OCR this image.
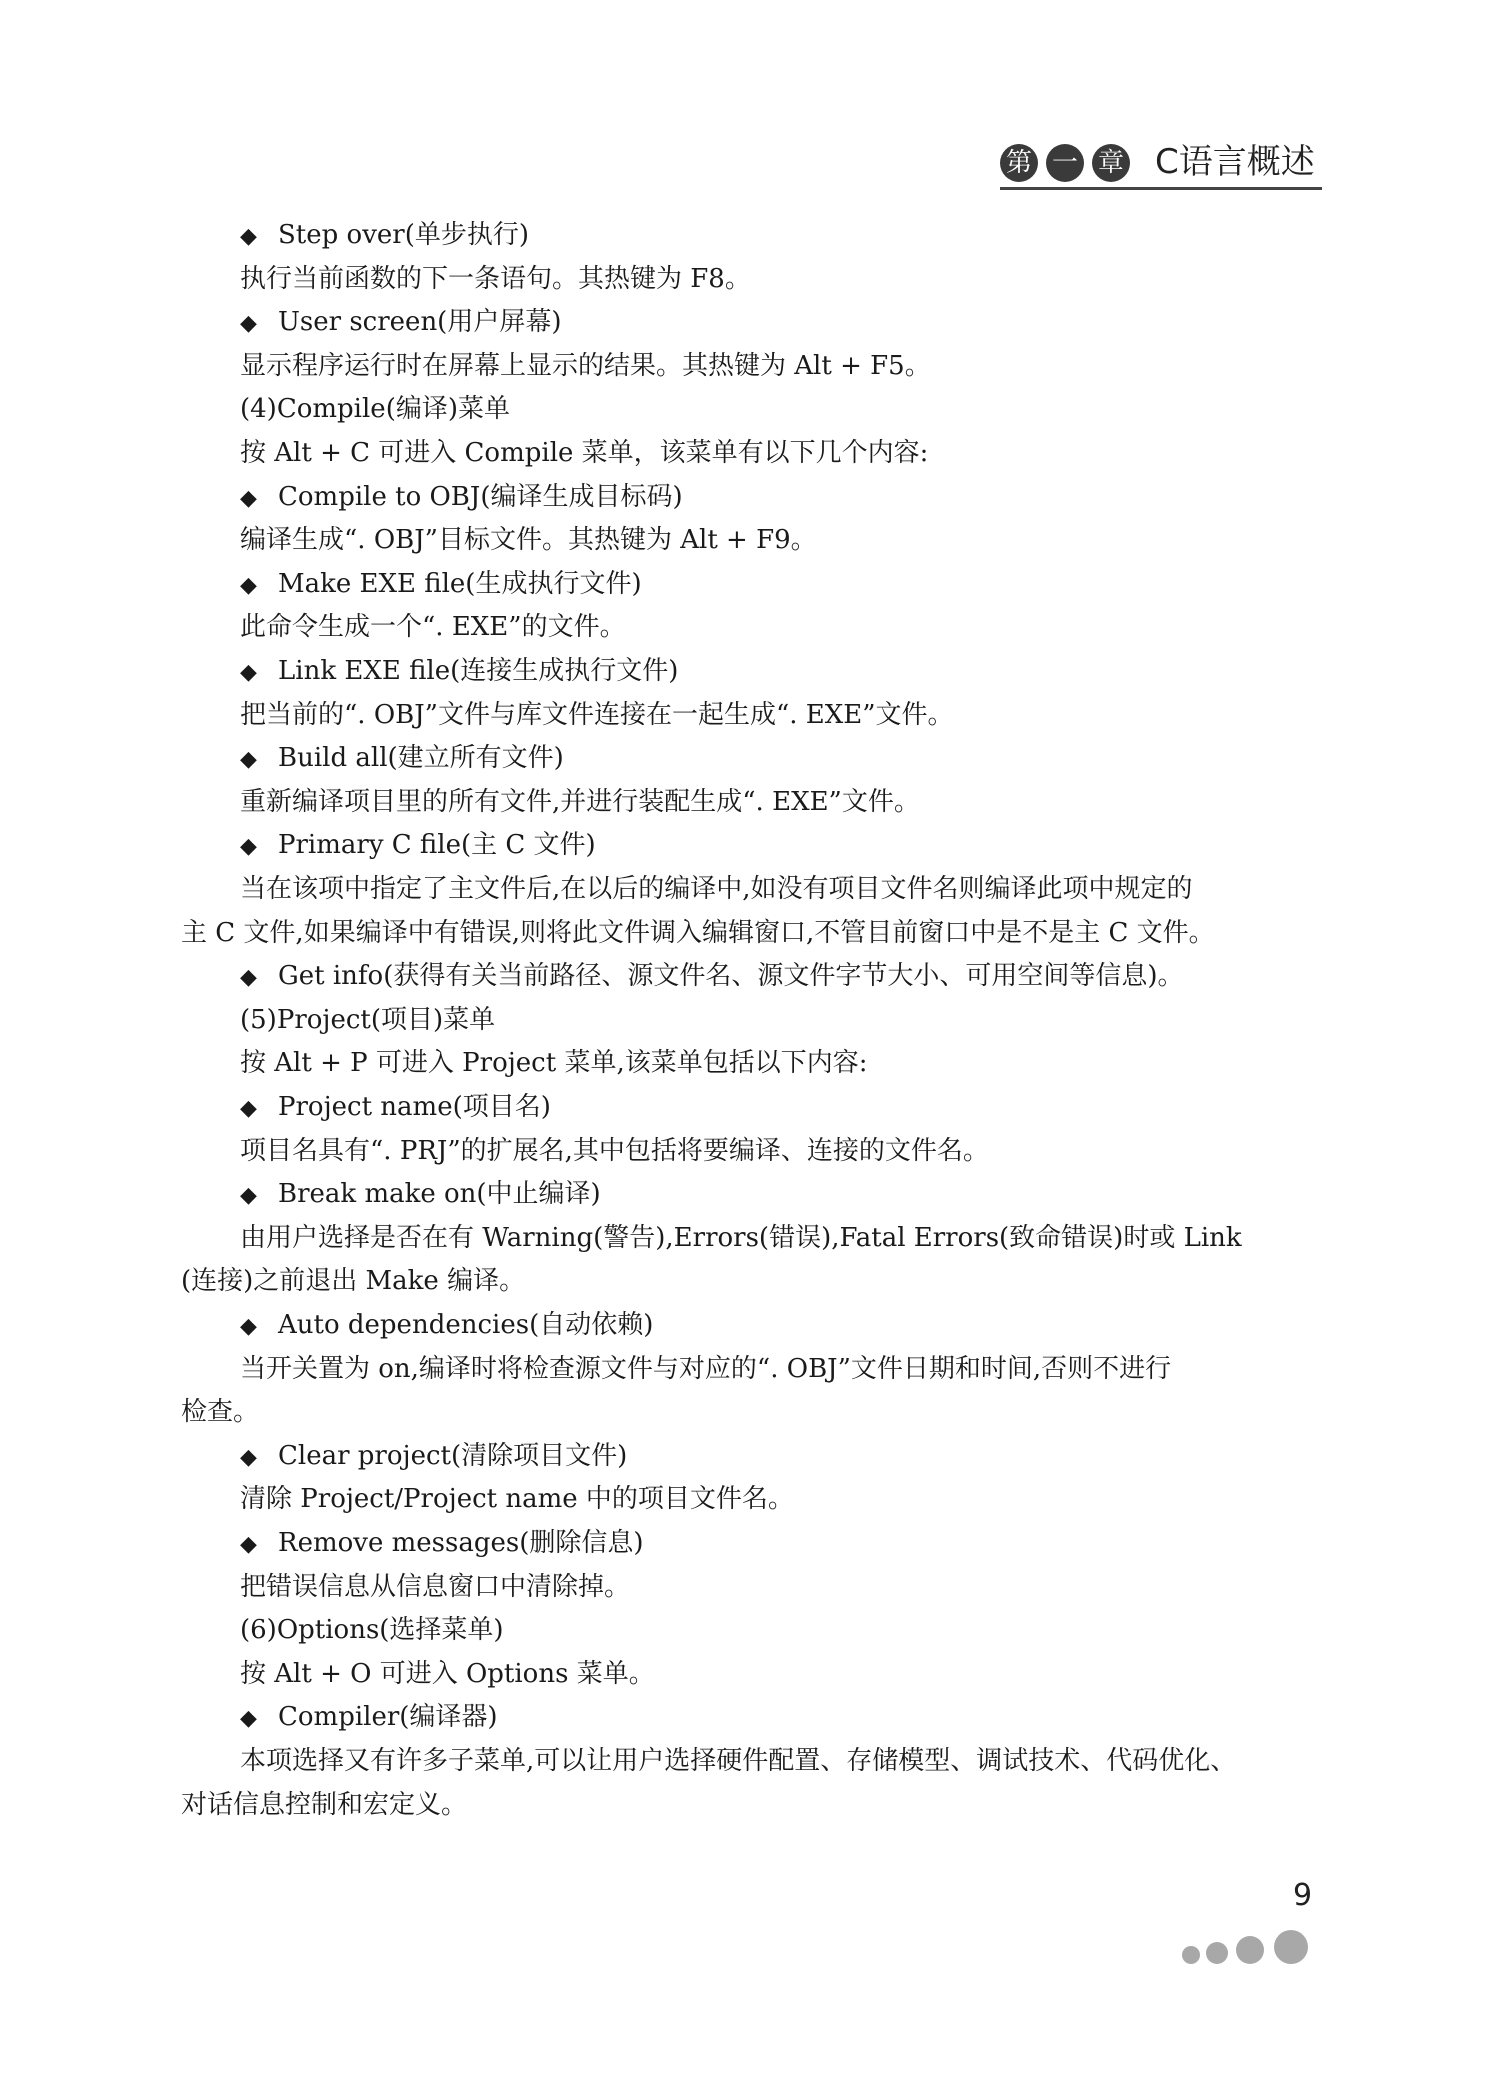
第 一 章 C语言概述
◆ Step over(单步执行)
执行当前函数的下一条语句。其热键为 F8。
◆ User screen(用户屏幕)
显示程序运行时在屏幕上显示的结果。其热键为 Alt + F5。
(4)Compile(编译)菜单
按 Alt + C 可进入 Compile 菜单，该菜单有以下几个内容:
◆ Compile to OBJ(编译生成目标码)
编译生成“. OBJ”目标文件。其热键为 Alt + F9。
◆ Make EXE file(生成执行文件)
此命令生成一个“. EXE”的文件。
◆ Link EXE file(连接生成执行文件)
把当前的“. OBJ”文件与库文件连接在一起生成“. EXE”文件。
◆ Build all(建立所有文件)
重新编译项目里的所有文件,并进行装配生成“. EXE”文件。
◆ Primary C file(主 C 文件)
当在该项中指定了主文件后,在以后的编译中,如没有项目文件名则编译此项中规定的
主 C 文件,如果编译中有错误,则将此文件调入编辑窗口,不管目前窗口中是不是主 C 文件。
◆ Get info(获得有关当前路径、源文件名、源文件字节大小、可用空间等信息)。
(5)Project(项目)菜单
按 Alt + P 可进入 Project 菜单,该菜单包括以下内容:
◆ Project name(项目名)
项目名具有“. PRJ”的扩展名,其中包括将要编译、连接的文件名。
◆ Break make on(中止编译)
由用户选择是否在有 Warning(警告),Errors(错误),Fatal Errors(致命错误)时或 Link
(连接)之前退出 Make 编译。
◆ Auto dependencies(自动依赖)
当开关置为 on,编译时将检查源文件与对应的“. OBJ”文件日期和时间,否则不进行
检查。
◆ Clear project(清除项目文件)
清除 Project/Project name 中的项目文件名。
◆ Remove messages(删除信息)
把错误信息从信息窗口中清除掉。
(6)Options(选择菜单)
按 Alt + O 可进入 Options 菜单。
◆ Compiler(编译器)
本项选择又有许多子菜单,可以让用户选择硬件配置、存储模型、调试技术、代码优化、
对话信息控制和宏定义。
9
